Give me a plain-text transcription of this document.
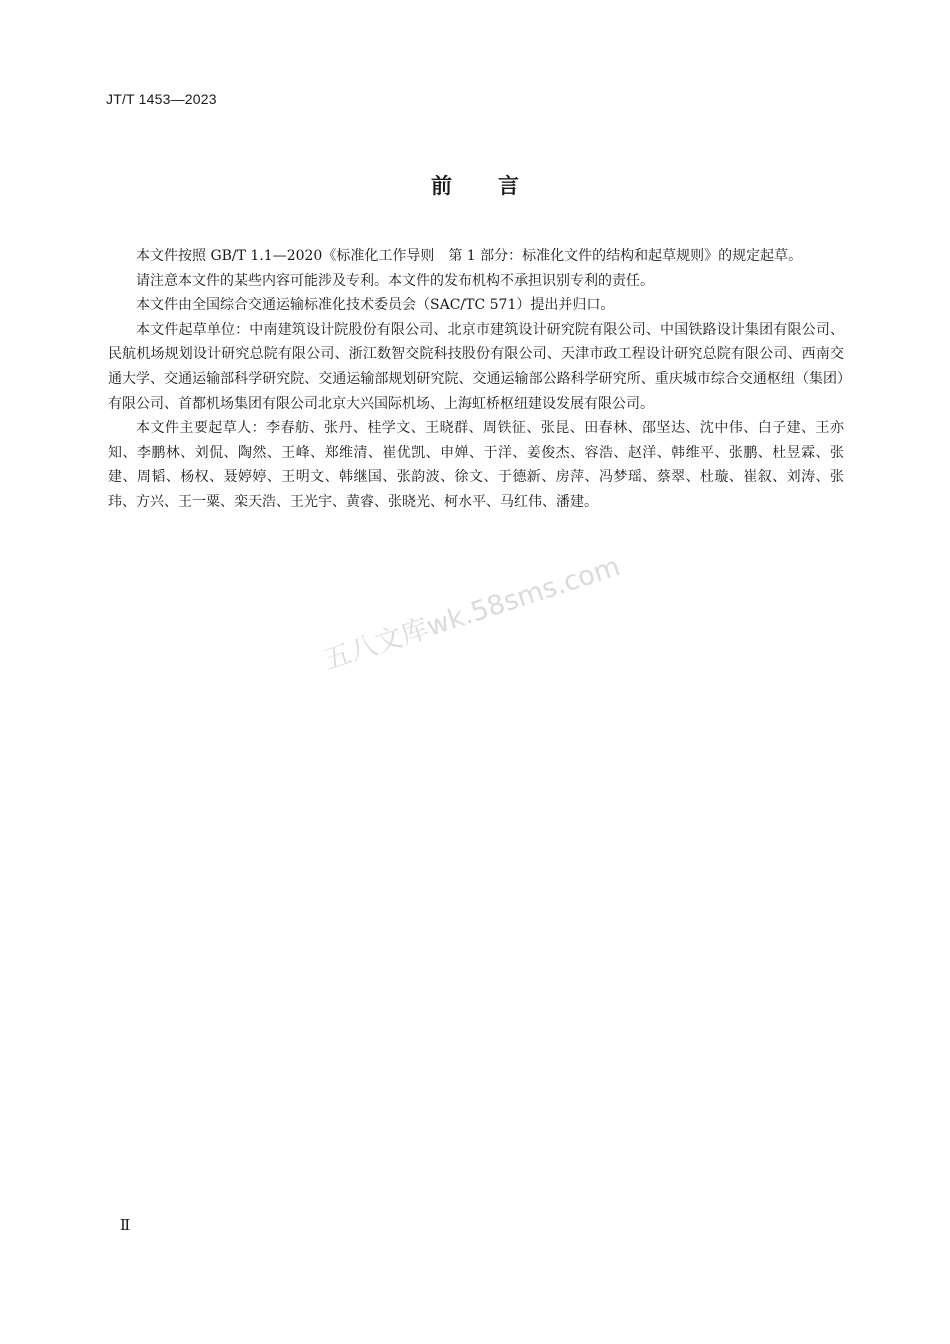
JT/T 1453—2023
前 言

本文件按照 GB/T 1.1—2020《标准化工作导则　第 1 部分：标准化文件的结构和起草规则》的规定起草。

请注意本文件的某些内容可能涉及专利。本文件的发布机构不承担识别专利的责任。

本文件由全国综合交通运输标准化技术委员会（SAC/TC 571）提出并归口。

本文件起草单位：中南建筑设计院股份有限公司、北京市建筑设计研究院有限公司、中国铁路设计集团有限公司、民航机场规划设计研究总院有限公司、浙江数智交院科技股份有限公司、天津市政工程设计研究总院有限公司、西南交通大学、交通运输部科学研究院、交通运输部规划研究院、交通运输部公路科学研究所、重庆城市综合交通枢纽（集团）有限公司、首都机场集团有限公司北京大兴国际机场、上海虹桥枢纽建设发展有限公司。

本文件主要起草人：李春舫、张丹、桂学文、王晓群、周铁征、张昆、田春林、邵坚达、沈中伟、白子建、王亦知、李鹏林、刘侃、陶然、王峰、郑维清、崔优凯、申婵、于洋、姜俊杰、容浩、赵洋、韩维平、张鹏、杜昱霖、张建、周韬、杨权、聂婷婷、王明文、韩继国、张韵波、徐文、于德新、房萍、冯梦瑶、蔡翠、杜璇、崔叙、刘涛、张玮、方兴、王一粟、栾天浩、王光宇、黄睿、张晓光、柯水平、马红伟、潘建。

五八文库wk.58sms.com
Ⅱ
